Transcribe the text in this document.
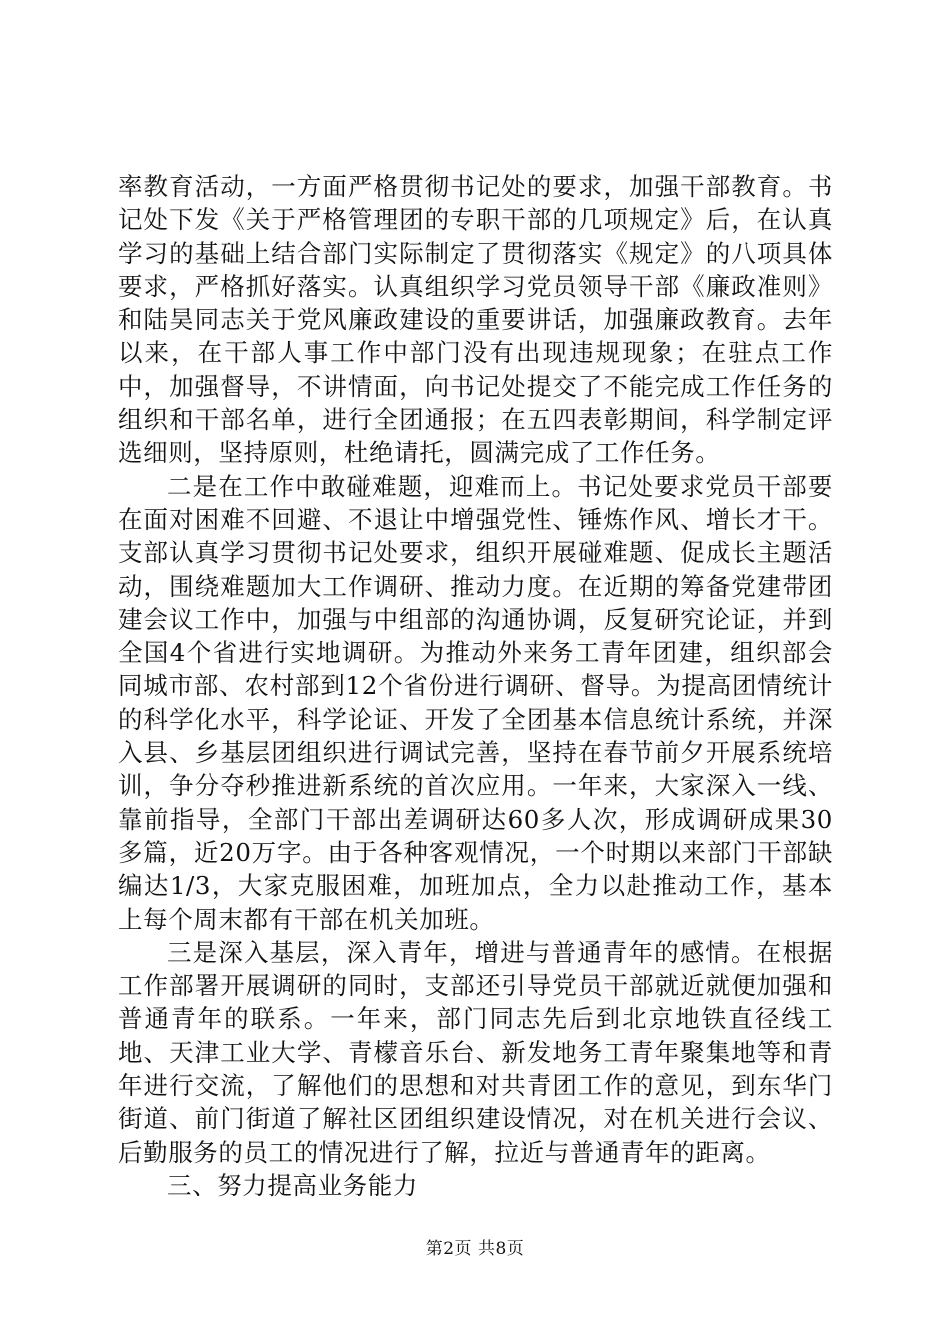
率教育活动，一方面严格贯彻书记处的要求，加强干部教育。书记处下发《关于严格管理团的专职干部的几项规定》后，在认真学习的基础上结合部门实际制定了贯彻落实《规定》的八项具体要求，严格抓好落实。认真组织学习党员领导干部《廉政准则》和陆昊同志关于党风廉政建设的重要讲话，加强廉政教育。去年以来，在干部人事工作中部门没有出现违规现象；在驻点工作中，加强督导，不讲情面，向书记处提交了不能完成工作任务的组织和干部名单，进行全团通报；在五四表彰期间，科学制定评选细则，坚持原则，杜绝请托，圆满完成了工作任务。

二是在工作中敢碰难题，迎难而上。书记处要求党员干部要在面对困难不回避、不退让中增强党性、锤炼作风、增长才干。支部认真学习贯彻书记处要求，组织开展碰难题、促成长主题活动，围绕难题加大工作调研、推动力度。在近期的筹备党建带团建会议工作中，加强与中组部的沟通协调，反复研究论证，并到全国4个省进行实地调研。为推动外来务工青年团建，组织部会同城市部、农村部到12个省份进行调研、督导。为提高团情统计的科学化水平，科学论证、开发了全团基本信息统计系统，并深入县、乡基层团组织进行调试完善，坚持在春节前夕开展系统培训，争分夺秒推进新系统的首次应用。一年来，大家深入一线、靠前指导，全部门干部出差调研达60多人次，形成调研成果30多篇，近20万字。由于各种客观情况，一个时期以来部门干部缺编达1/3，大家克服困难，加班加点，全力以赴推动工作，基本上每个周末都有干部在机关加班。

三是深入基层，深入青年，增进与普通青年的感情。在根据工作部署开展调研的同时，支部还引导党员干部就近就便加强和普通青年的联系。一年来，部门同志先后到北京地铁直径线工地、天津工业大学、青檬音乐台、新发地务工青年聚集地等和青年进行交流，了解他们的思想和对共青团工作的意见，到东华门街道、前门街道了解社区团组织建设情况，对在机关进行会议、后勤服务的员工的情况进行了解，拉近与普通青年的距离。

三、努力提高业务能力

第2页 共8页
